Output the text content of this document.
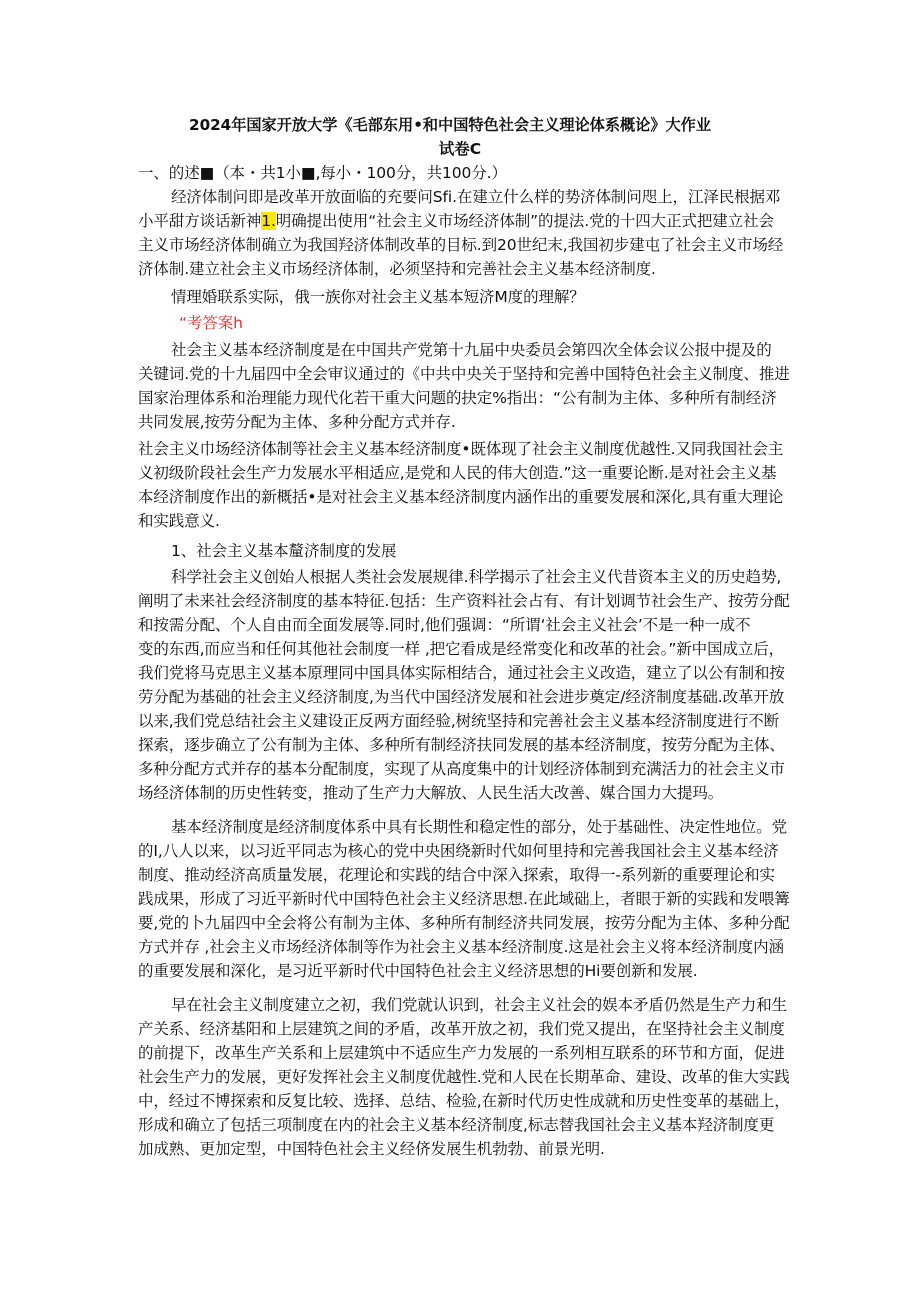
2024年国家开放大学《毛部东用•和中国特色社会主义理论体系概论》大作业
试卷C
一、的述■（本・共1小■,每小・100分，共100分.）
经济体制问即是改革开放面临的充要问Sfi.在建立什么样的势济体制问咫上，江泽民根据邓
小平甜方谈话新神1.明确提出使用“社会主义市场经济体制”的提法.党的十四大正式把建立社会
主义市场经济体制确立为我国羟济体制改革的目标.到20世纪末,我国初步建屯了社会主义市场经
济体制.建立社会主义市场经济体制，必须坚持和完善社会主义基本经济制度.
情理婚联系实际，俄一族你对社会主义基本短济M度的理解？
“考答案h
社会主义基本经济制度是在中国共产党第十九届中央委员会第四次全体会议公报中提及的
关键词.党的十九届四中全会审议通过的《中共中央关于坚持和完善中国特色社会主义制度、推进
国家治理体系和治理能力现代化若干重大问题的抉定%指出：“公有制为主体、多种所有制经济
共同发展,按劳分配为主体、多种分配方式并存.
社会主义巾场经济体制等社会主义基本经济制度•既体现了社会主义制度优越性.又同我国社会主
义初级阶段社会生产力发展水平相适应,是党和人民的伟大创造.”这一重要论断.是对社会主义基
本经济制度作出的新概括•是对社会主义基本经济制度内涵作出的重要发展和深化,具有重大理论
和实践意义.
1、社会主义基本釐济制度的发展
科学社会主义创始人根据人类社会发展规律.科学揭示了社会主义代昔资本主义的历史趋势,
阐明了未来社会经济制度的基本特征.包括：生产资料社会占有、有计划调节社会生产、按劳分配
和按需分配、个人自由而全面发展等.同时,他们强调：“所谓‘社会主义社会’不是一种一成不
变的东西,而应当和任何其他社会制度一样 ,把它看成是经常变化和改革的社会。”新中国成立后，
我们党将马克思主义基本原理同中国具体实际相结合，通过社会主义改造，建立了以公有制和按
劳分配为基础的社会主义经济制度,为当代中国经济发展和社会进步奠定/经济制度基础.改革开放
以来,我们党总结社会主义建设正反两方面经验,树统坚持和完善社会主义基本经济制度进行不断
探索，逐步确立了公有制为主体、多种所有制经济扶同发展的基本经济制度，按劳分配为主体、
多种分配方式并存的基本分配制度，实现了从高度集中的计划经济体制到充满活力的社会主义市
场经济体制的历史性转变，推动了生产力大解放、人民生活大改善、媒合国力大提玛。
基本经济制度是经济制度体系中具有长期性和稳定性的部分，处于基础性、决定性地位。党
的I,八人以来，以习近平同志为核心的党中央困绕新时代如何里持和完善我国社会主义基本经济
制度、推动经济高质量发展，花理论和实践的结合中深入探索，取得一-系列新的重要理论和实
践成果，形成了习近平新时代中国特色社会主义经济思想.在此域础上，者眼于新的实践和发喂篝
要,党的卜九届四中全会将公有制为主体、多种所有制经济共同发展，按劳分配为主体、多种分配
方式并存 ,社会主义市场经济体制等作为社会主义基本经济制度.这是社会主义将本经济制度内涵
的重要发展和深化，是习近平新时代中国特色社会主义经济思想的Hi要创新和发展.
早在社会主义制度建立之初，我们党就认识到，社会主义社会的娱本矛盾仍然是生产力和生
产关系、经济基阳和上层建筑之间的矛盾，改革开放之初，我们党又提出，在坚持社会主义制度
的前提下，改革生产关系和上层建筑中不适应生产力发展的一系列相互联系的环节和方面，促进
社会生产力的发展，更好发挥社会主义制度优越性.党和人民在长期革命、建设、改革的隹大实践
中，经过不博探索和反复比较、选择、总结、检验,在新时代历史性成就和历史性变革的基础上，
形成和确立了包括三项制度在内的社会主义基本经济制度,标志替我国社会主义基本羟济制度更
加成熟、更加定型，中国特色社会主义经侪发展生机勃勃、前景光明.
